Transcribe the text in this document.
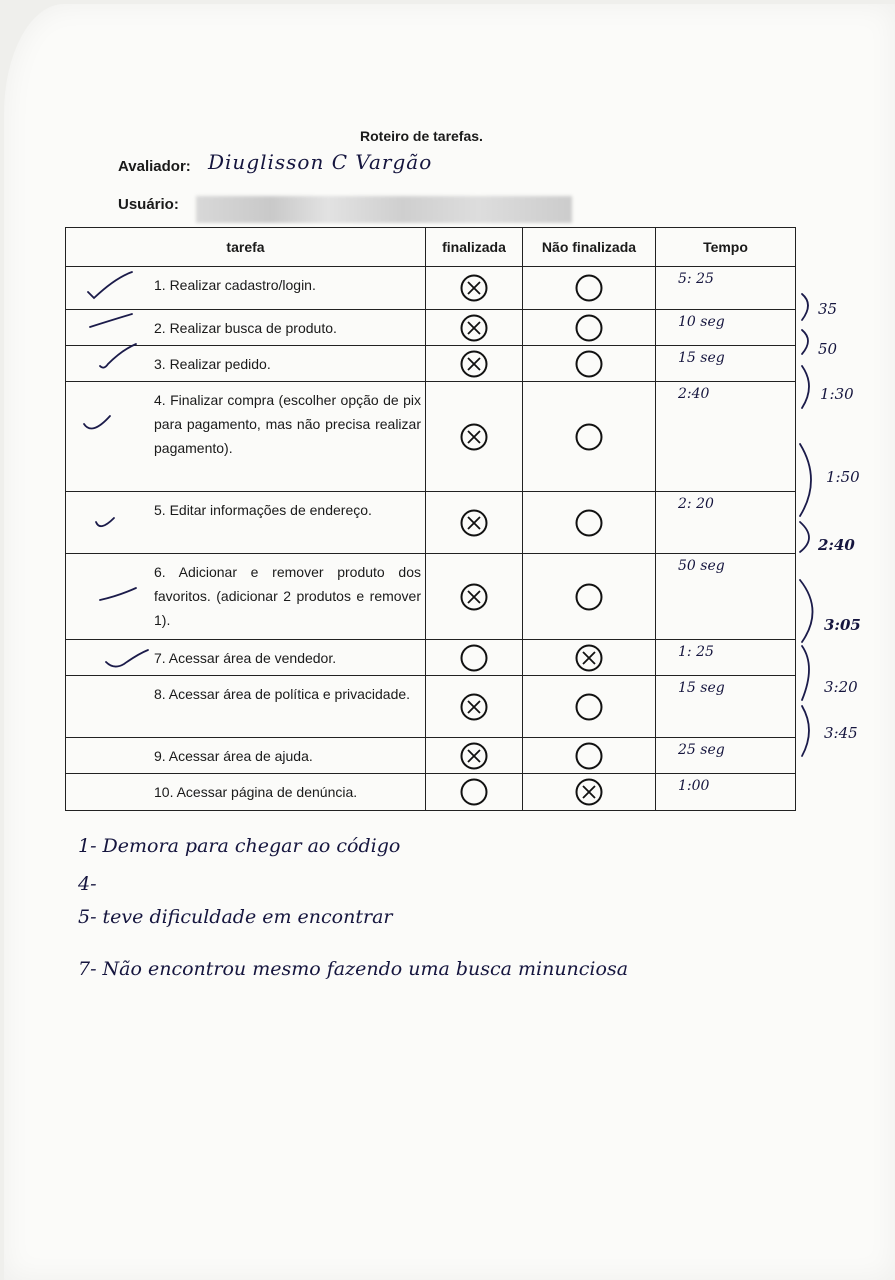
Roteiro de tarefas.
Avaliador: Diuglisson C Vargão
Usuário:
tarefa	finalizada	Não finalizada	Tempo

1. Realizar cadastro/login.			5: 25

2. Realizar busca de produto.			10 seg

3. Realizar pedido.			15 seg

4. Finalizar compra (escolher opção de pix para pagamento, mas não precisa realizar pagamento).			2:40

5. Editar informações de endereço.			2: 20

6. Adicionar e remover produto dos favoritos. (adicionar 2 produtos e remover 1).			50 seg

7. Acessar área de vendedor.			1: 25

8. Acessar área de política e privacidade.			15 seg

9. Acessar área de ajuda.			25 seg

10. Acessar página de denúncia.			1:00
35
50
1:30
1:50
2:40
3:05
3:20
3:45
1- Demora para chegar ao código
4-
5- teve dificuldade em encontrar
7- Não encontrou mesmo fazendo uma busca minunciosa
